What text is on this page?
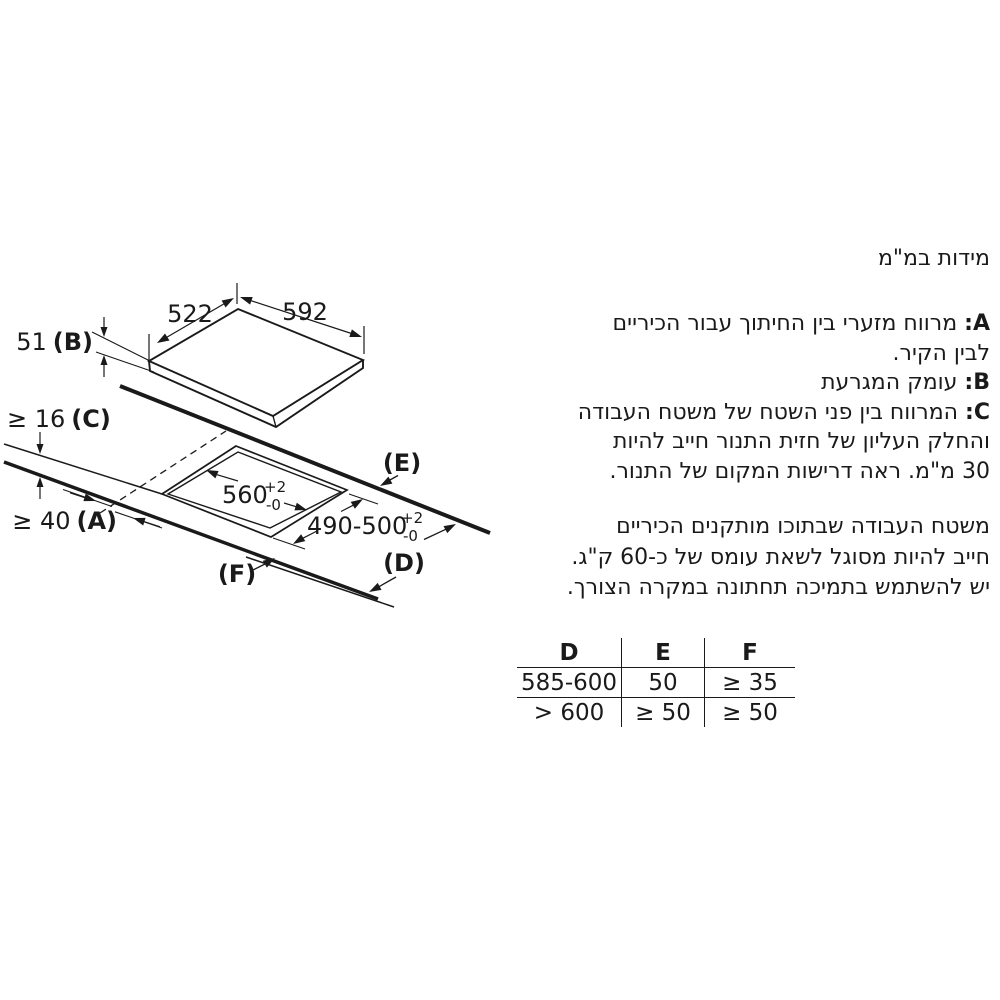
522	592
51 (B)
≥ 16 (C)
≥ 40 (A)
560
+2
-0
490-500
+2
-0
(E)
(D)
(F)
מידות במ"מ
A:מרווח מזערי בין החיתוך עבור הכיריים
לבין הקיר.
B:עומק המגרעת
C:המרווח בין פני השטח של משטח העבודה
והחלק העליון של חזית התנור חייב להיות
30 מ"מ. ראה דרישות המקום של התנור.
משטח העבודה שבתוכו מותקנים הכיריים
חייב להיות מסוגל לשאת עומס של כ-60 ק"ג.
יש להשתמש בתמיכה תחתונה במקרה הצורך.
D	E	F
585-600	50	≥ 35
> 600	≥ 50	≥ 50
